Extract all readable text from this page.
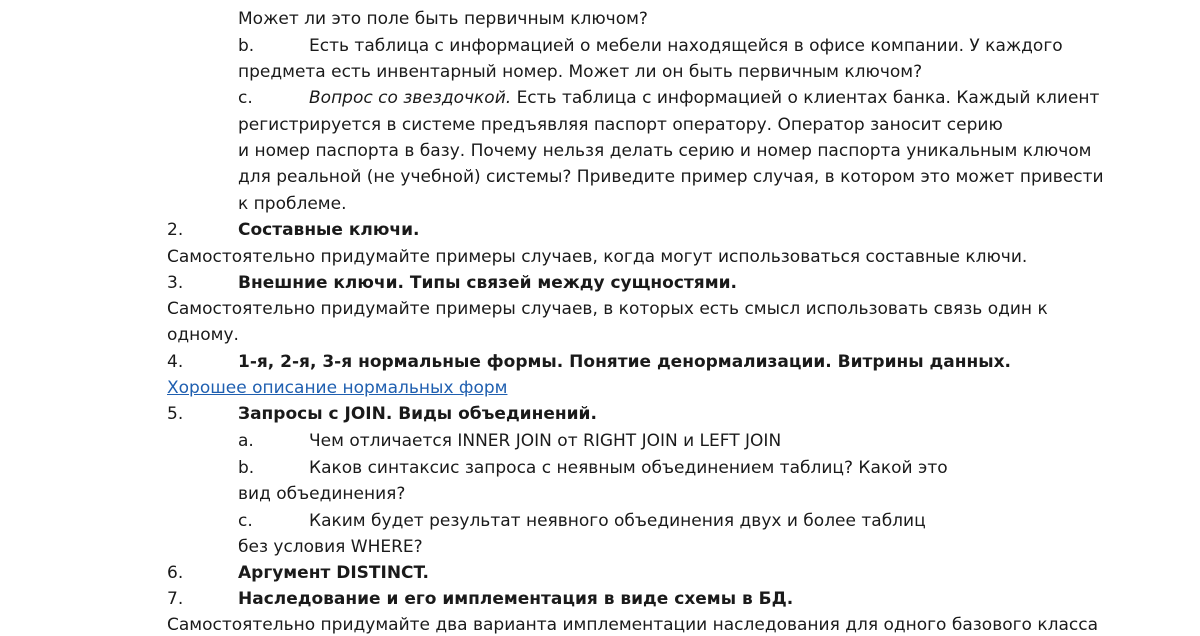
Может ли это поле быть первичным ключом?
b.	Есть таблица с информацией о мебели находящейся в офисе компании. У каждого
предмета есть инвентарный номер. Может ли он быть первичным ключом?
c.	Вопрос со звездочкой. Есть таблица с информацией о клиентах банка. Каждый клиент
регистрируется в системе предъявляя паспорт оператору. Оператор заносит серию
и номер паспорта в базу. Почему нельзя делать серию и номер паспорта уникальным ключом
для реальной (не учебной) системы? Приведите пример случая, в котором это может привести
к проблеме.
2.	Составные ключи.
Самостоятельно придумайте примеры случаев, когда могут использоваться составные ключи.
3.	Внешние ключи. Типы связей между сущностями.
Самостоятельно придумайте примеры случаев, в которых есть смысл использовать связь один к
одному.
4.	1-я, 2-я, 3-я нормальные формы. Понятие денормализации. Витрины данных.
Хорошее описание нормальных форм
5.	Запросы с JOIN. Виды объединений.
a.	Чем отличается INNER JOIN от RIGHT JOIN и LEFT JOIN
b.	Каков синтаксис запроса с неявным объединением таблиц? Какой это
вид объединения?
c.	Каким будет результат неявного объединения двух и более таблиц
без условия WHERE?
6.	Аргумент DISTINCT.
7.	Наследование и его имплементация в виде схемы в БД.
Самостоятельно придумайте два варианта имплементации наследования для одного базового класса
